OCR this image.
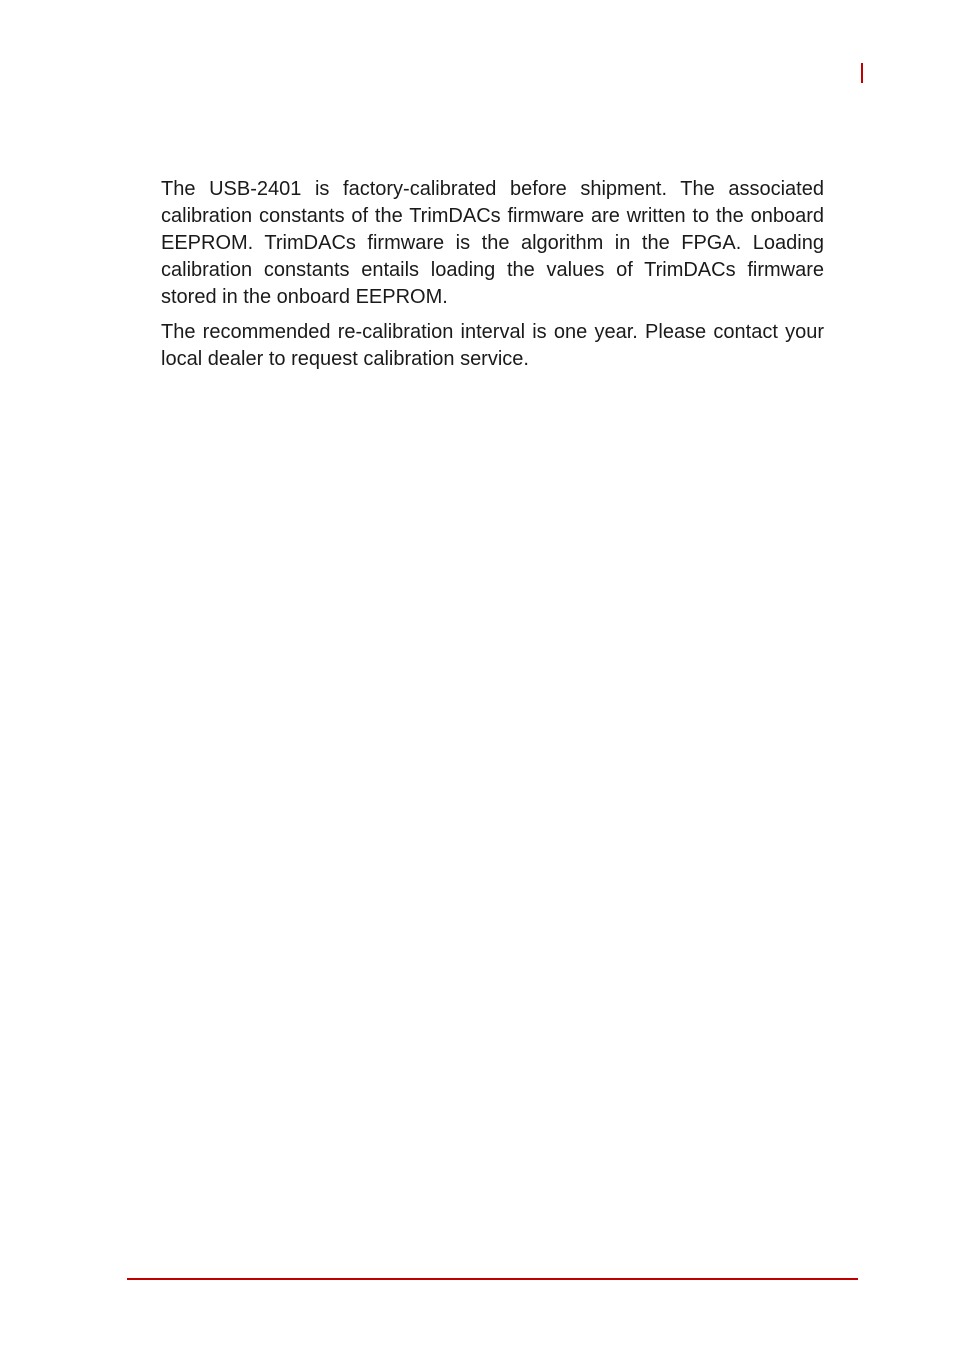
The USB-2401 is factory-calibrated before shipment. The associated calibration constants of the TrimDACs firmware are written to the onboard EEPROM. TrimDACs firmware is the algorithm in the FPGA. Loading calibration constants entails loading the values of TrimDACs firmware stored in the onboard EEPROM.

The recommended re-calibration interval is one year. Please contact your local dealer to request calibration service.
